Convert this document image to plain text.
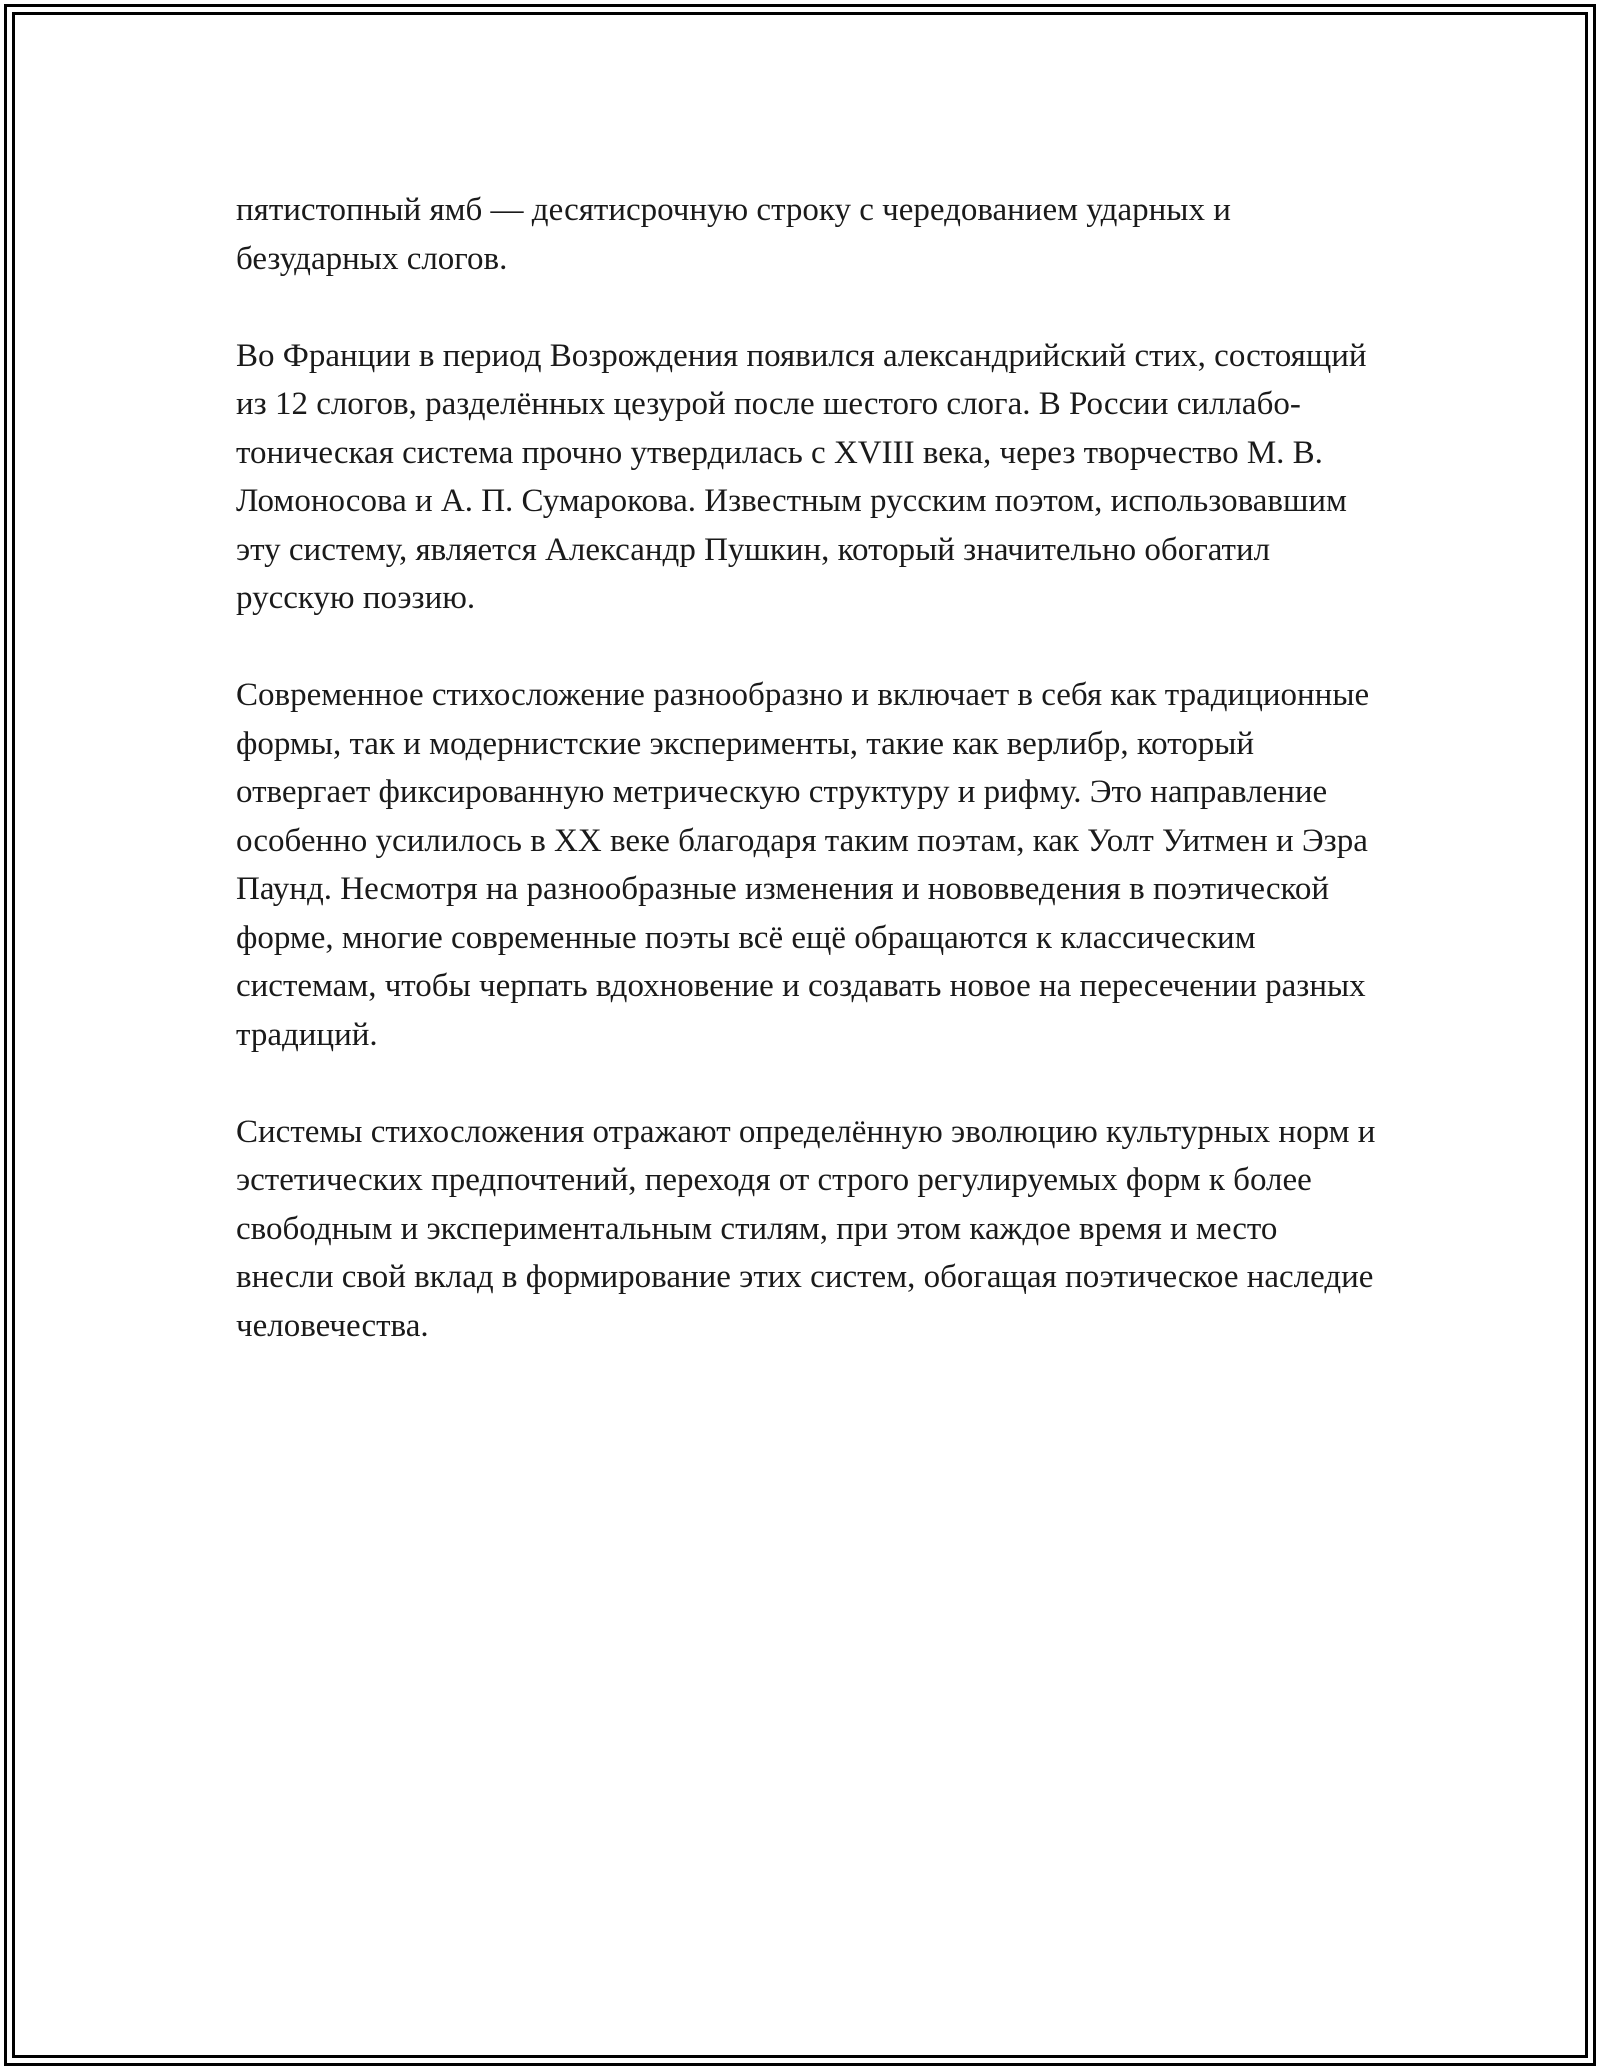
пятистопный ямб — десятисрочную строку с чередованием ударных и безударных слогов.

Во Франции в период Возрождения появился александрийский стих, состоящий из 12 слогов, разделённых цезурой после шестого слога. В России силлабо-тоническая система прочно утвердилась с XVIII века, через творчество М. В. Ломоносова и А. П. Сумарокова. Известным русским поэтом, использовавшим эту систему, является Александр Пушкин, который значительно обогатил русскую поэзию.

Современное стихосложение разнообразно и включает в себя как традиционные формы, так и модернистские эксперименты, такие как верлибр, который отвергает фиксированную метрическую структуру и рифму. Это направление особенно усилилось в XX веке благодаря таким поэтам, как Уолт Уитмен и Эзра Паунд. Несмотря на разнообразные изменения и нововведения в поэтической форме, многие современные поэты всё ещё обращаются к классическим системам, чтобы черпать вдохновение и создавать новое на пересечении разных традиций.

Системы стихосложения отражают определённую эволюцию культурных норм и эстетических предпочтений, переходя от строго регулируемых форм к более свободным и экспериментальным стилям, при этом каждое время и место внесли свой вклад в формирование этих систем, обогащая поэтическое наследие человечества.
